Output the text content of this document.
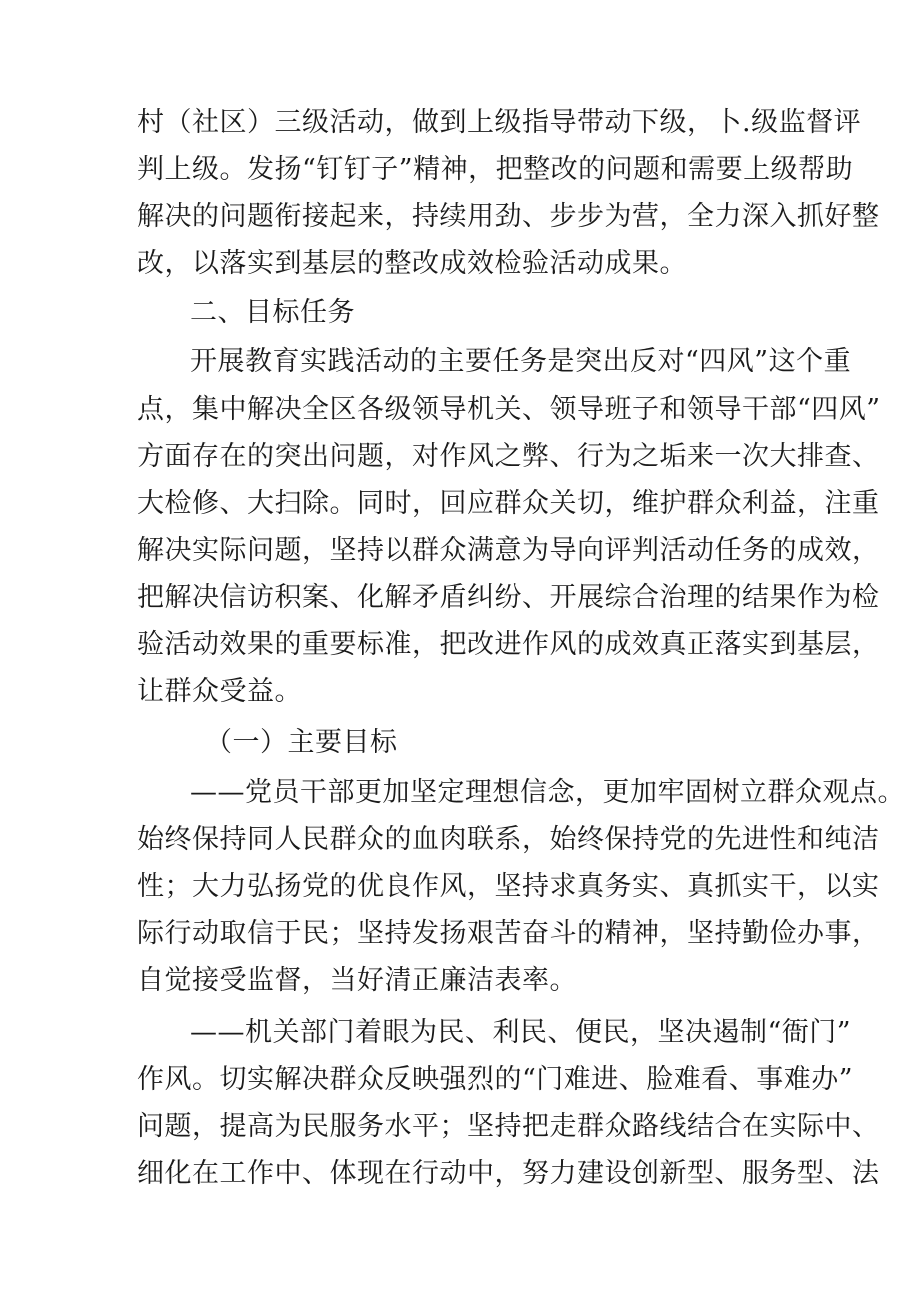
村（社区）三级活动，做到上级指导带动下级，卜.级监督评
判上级。发扬“钉钉子”精神，把整改的问题和需要上级帮助
解决的问题衔接起来，持续用劲、步步为营，全力深入抓好整
改，以落实到基层的整改成效检验活动成果。
二、目标任务
开展教育实践活动的主要任务是突出反对“四风”这个重
点，集中解决全区各级领导机关、领导班子和领导干部“四风”
方面存在的突出问题，对作风之弊、行为之垢来一次大排查、
大检修、大扫除。同时，回应群众关切，维护群众利益，注重
解决实际问题，坚持以群众满意为导向评判活动任务的成效，
把解决信访积案、化解矛盾纠纷、开展综合治理的结果作为检
验活动效果的重要标准，把改进作风的成效真正落实到基层，
让群众受益。
（一）主要目标
——党员干部更加坚定理想信念，更加牢固树立群众观点。
始终保持同人民群众的血肉联系，始终保持党的先进性和纯洁
性；大力弘扬党的优良作风，坚持求真务实、真抓实干，以实
际行动取信于民；坚持发扬艰苦奋斗的精神，坚持勤俭办事，
自觉接受监督，当好清正廉洁表率。
——机关部门着眼为民、利民、便民，坚决遏制“衙门”
作风。切实解决群众反映强烈的“门难进、脸难看、事难办”
问题，提高为民服务水平；坚持把走群众路线结合在实际中、
细化在工作中、体现在行动中，努力建设创新型、服务型、法
